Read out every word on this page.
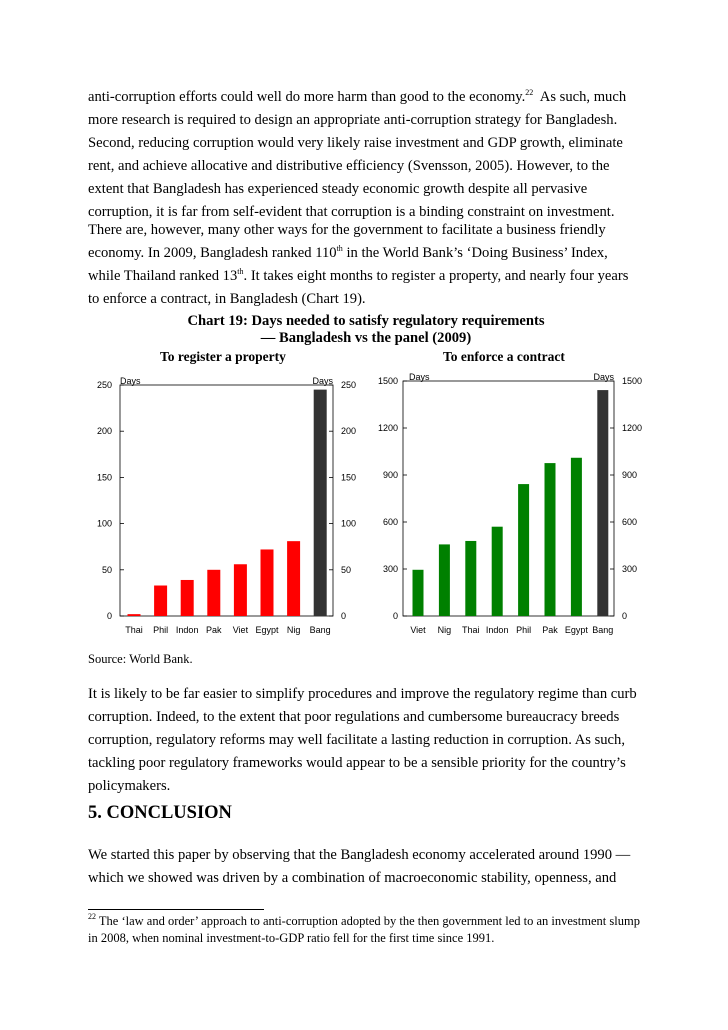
anti-corruption efforts could well do more harm than good to the economy.$^{22}$  As such, much
more research is required to design an appropriate anti-corruption strategy for Bangladesh.
Second, reducing corruption would very likely raise investment and GDP growth, eliminate
rent, and achieve allocative and distributive efficiency (Svensson, 2005). However, to the
extent that Bangladesh has experienced steady economic growth despite all pervasive
corruption, it is far from self-evident that corruption is a binding constraint on investment.

There are, however, many other ways for the government to facilitate a business friendly
economy. In 2009, Bangladesh ranked 110th in the World Bank’s ‘Doing Business’ Index,
while Thailand ranked 13th. It takes eight months to register a property, and nearly four years
to enforce a contract, in Bangladesh (Chart 19).

Chart 19: Days needed to satisfy regulatory requirements
— Bangladesh vs the panel (2009)
To register a property	To enforce a contract
0	0
50	50
100	100
150	150
200	200
250	250
Days	Days
Thai Phil Indon Pak Viet Egypt Nig Bang
0	0
300	300
600	600
900	900
1200	1200
1500	1500
Days	Days
Viet Nig Thai Indon Phil Pak Egypt Bang
Source: World Bank.

It is likely to be far easier to simplify procedures and improve the regulatory regime than curb
corruption. Indeed, to the extent that poor regulations and cumbersome bureaucracy breeds
corruption, regulatory reforms may well facilitate a lasting reduction in corruption. As such,
tackling poor regulatory frameworks would appear to be a sensible priority for the country’s
policymakers.

5. CONCLUSION

We started this paper by observing that the Bangladesh economy accelerated around 1990 —
which we showed was driven by a combination of macroeconomic stability, openness, and

$^{22}$ The ‘law and order’ approach to anti-corruption adopted by the then government led to an investment slump
in 2008, when nominal investment-to-GDP ratio fell for the first time since 1991.
